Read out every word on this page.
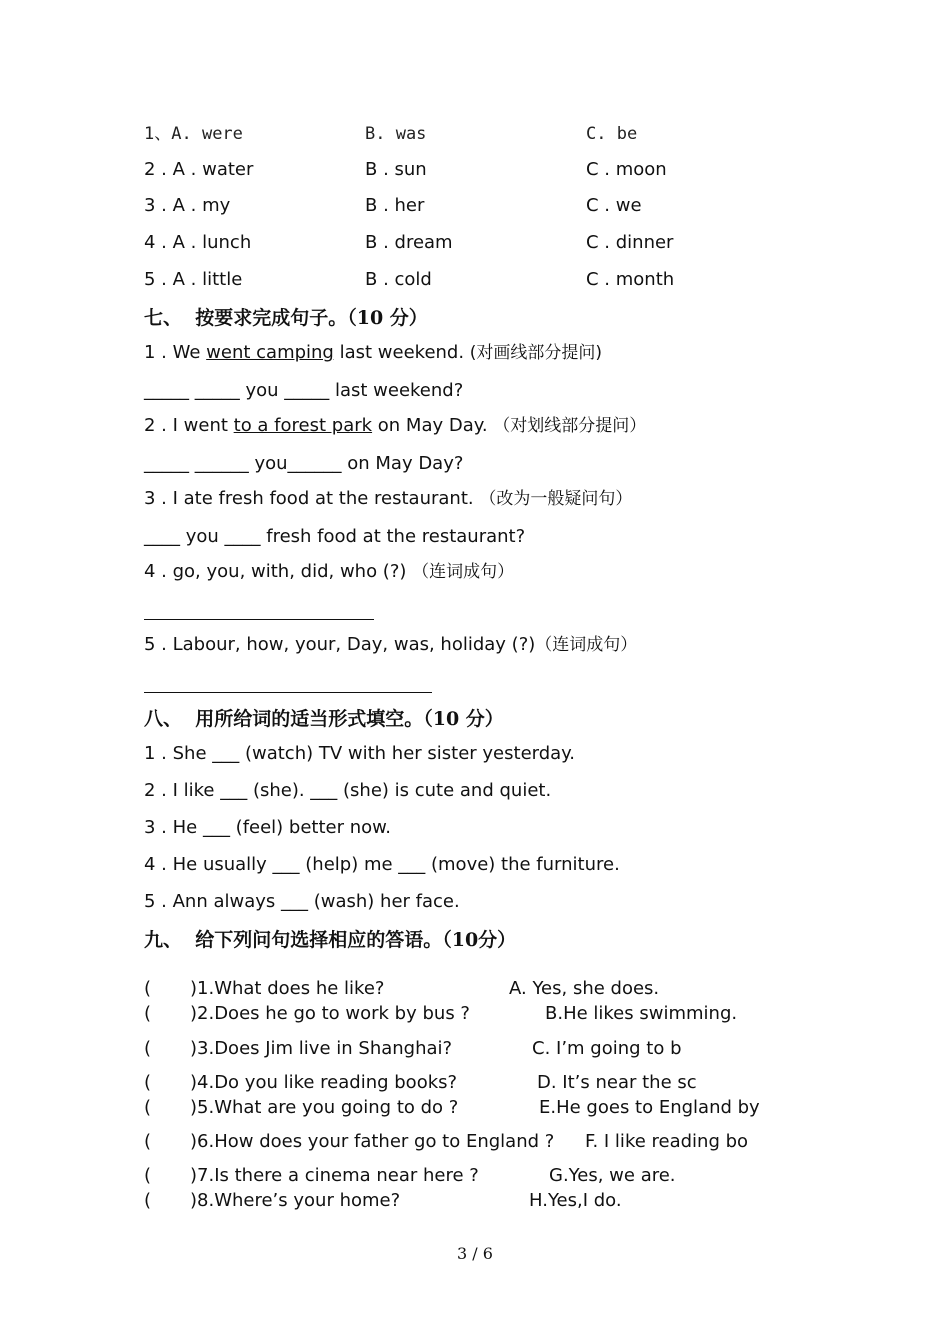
1、A. were	B. was	C. be
2 . A . water	B . sun	C . moon
3 . A . my	B . her	C . we
4 . A . lunch	B . dream	C . dinner
5 . A . little	B . cold	C . month
七、  按要求完成句子。（10 分）
1 . We went camping last weekend. (对画线部分提问)
_____ _____ you _____ last weekend?
2 . I went to a forest park on May Day. （对划线部分提问）
_____ ______ you______ on May Day?
3 . I ate fresh food at the restaurant. （改为一般疑问句）
____ you ____ fresh food at the restaurant?
4 . go, you, with, did, who (?) （连词成句）
5 . Labour, how, your, Day, was, holiday (?)（连词成句）
八、  用所给词的适当形式填空。（10 分）
1 . She ___ (watch) TV with her sister yesterday.
2 . I like ___ (she). ___ (she) is cute and quiet.
3 . He ___ (feel) better now.
4 . He usually ___ (help) me ___ (move) the furniture.
5 . Ann always ___ (wash) her face.
九、  给下列问句选择相应的答语。（10分）
( )1.What does he like?	A. Yes, she does.
( )2.Does he go to work by bus ?	B.He likes swimming.
( )3.Does Jim live in Shanghai?	C. I’m going to b
( )4.Do you like reading books?	D. It’s near the sc
( )5.What are you going to do ?	E.He goes to England by
( )6.How does your father go to England ? F. I like reading bo
( )7.Is there a cinema near here ?	G.Yes, we are.
( )8.Where’s your home?	H.Yes,I do.
3 / 6
